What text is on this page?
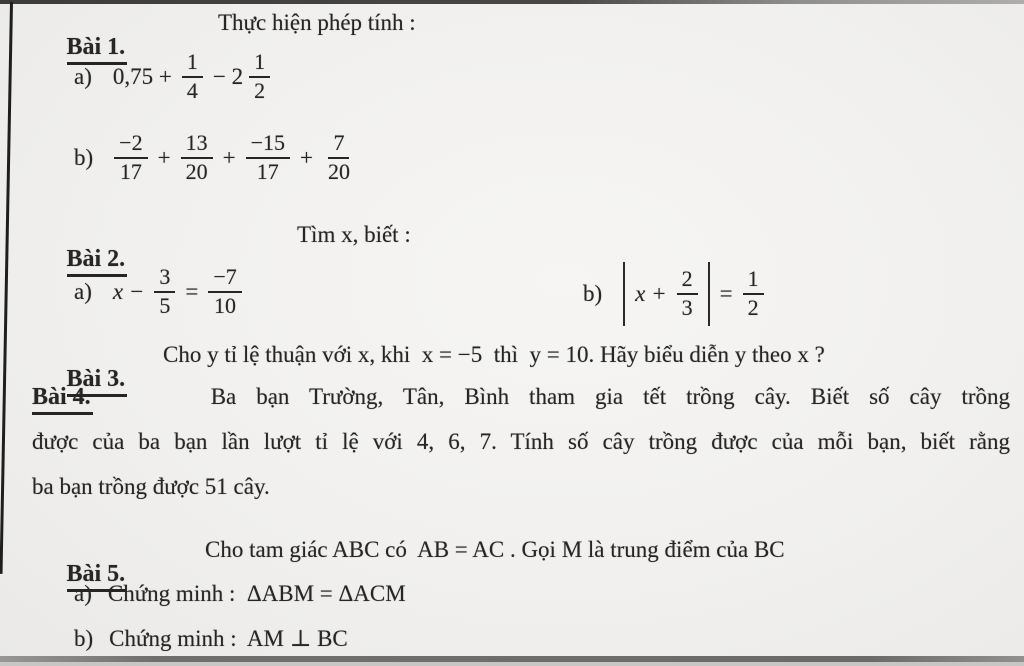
Bài 1.

Thực hiện phép tính :
a) $0,75 + \frac{1}{4} - 2 \frac{1}{2}$
$b) \frac{-2}{17} + \frac{13}{20} + \frac{-15}{17} + \frac{7}{20}$

Bài 2.

Tìm x, biết :
a) $x - \frac{3}{5} = \frac{-7}{10}$	b) $x + \frac{2}{3} = \frac{1}{2}$

Bài 3.

Cho y tỉ lệ thuận với x, khi  x = −5  thì  y = 10. Hãy biểu diễn y theo x ?
Bài 4.	Ba bạn Trường, Tân, Bình tham gia tết trồng cây. Biết số cây trồng
được của ba bạn lần lượt tỉ lệ với 4, 6, 7. Tính số cây trồng được của mỗi bạn, biết rằng
ba bạn trồng được 51 cây.

Bài 5.

Cho tam giác ABC có  AB = AC . Gọi M là trung điểm của BC
a) Chứng minh :  ΔABM = ΔACM
b) Chứng minh :  AM ⊥ BC
